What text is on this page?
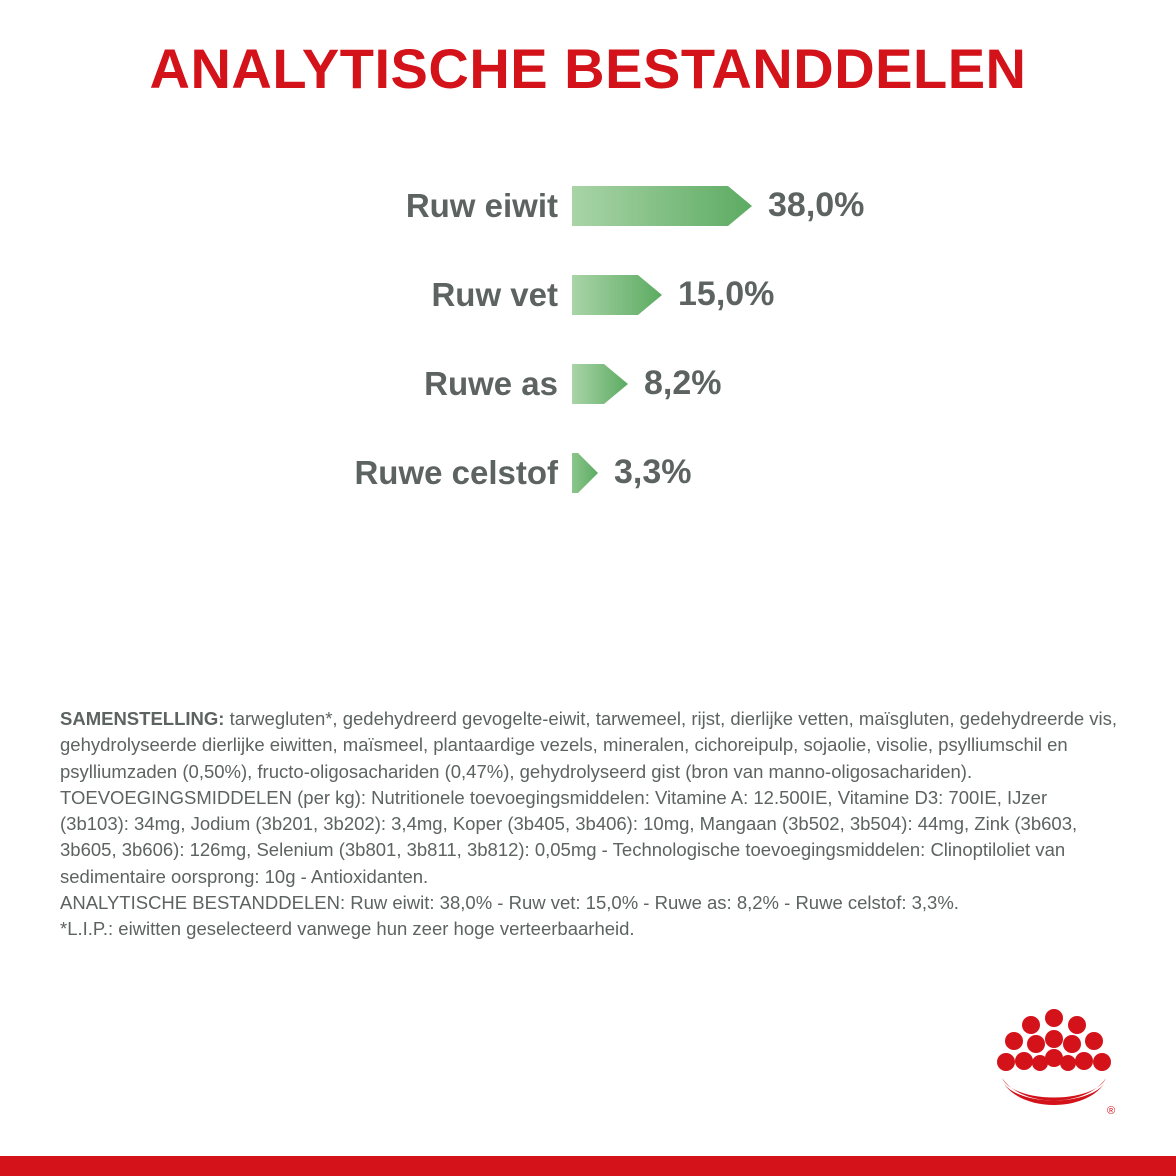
ANALYTISCHE BESTANDDELEN
Ruw eiwit	38,0%
Ruw vet	15,0%
Ruwe as	8,2%
Ruwe celstof	3,3%

SAMENSTELLING: tarwegluten*, gedehydreerd gevogelte-eiwit, tarwemeel, rijst, dierlijke vetten, maïsgluten, gedehydreerde vis, gehydrolyseerde dierlijke eiwitten, maïsmeel, plantaardige vezels, mineralen, cichoreipulp, sojaolie, visolie, psylliumschil en psylliumzaden (0,50%), fructo-oligosachariden (0,47%), gehydrolyseerd gist (bron van manno-oligosachariden).

TOEVOEGINGSMIDDELEN (per kg): Nutritionele toevoegingsmiddelen: Vitamine A: 12.500IE, Vitamine D3: 700IE, IJzer (3b103): 34mg, Jodium (3b201, 3b202): 3,4mg, Koper (3b405, 3b406): 10mg, Mangaan (3b502, 3b504): 44mg, Zink (3b603, 3b605, 3b606): 126mg, Selenium (3b801, 3b811, 3b812): 0,05mg - Technologische toevoegingsmiddelen: Clinoptiloliet van sedimentaire oorsprong: 10g - Antioxidanten.

ANALYTISCHE BESTANDDELEN: Ruw eiwit: 38,0% - Ruw vet: 15,0% - Ruwe as: 8,2% - Ruwe celstof: 3,3%.

*L.I.P.: eiwitten geselecteerd vanwege hun zeer hoge verteerbaarheid.

®
